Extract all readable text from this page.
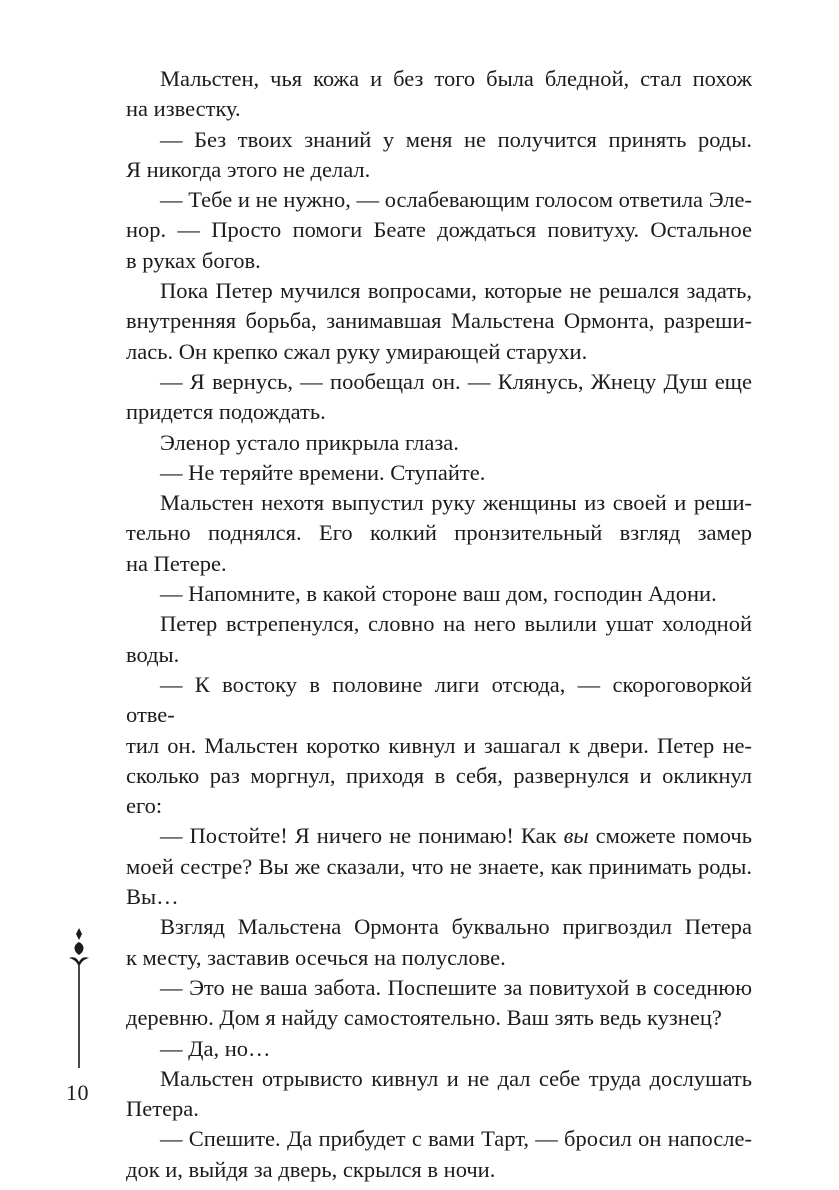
Мальстен, чья кожа и без того была бледной, стал похож
на известку.

— Без твоих знаний у меня не получится принять роды.
Я никогда этого не делал.

— Тебе и не нужно, — ослабевающим голосом ответила Эле-
нор. — Просто помоги Беате дождаться повитуху. Остальное
в руках богов.

Пока Петер мучился вопросами, которые не решался задать,
внутренняя борьба, занимавшая Мальстена Ормонта, разреши-
лась. Он крепко сжал руку умирающей старухи.

— Я вернусь, — пообещал он. — Клянусь, Жнецу Душ еще
придется подождать.

Эленор устало прикрыла глаза.

— Не теряйте времени. Ступайте.

Мальстен нехотя выпустил руку женщины из своей и реши-
тельно поднялся. Его колкий пронзительный взгляд замер
на Петере.

— Напомните, в какой стороне ваш дом, господин Адони.

Петер встрепенулся, словно на него вылили ушат холодной
воды.

— К востоку в половине лиги отсюда, — скороговоркой отве-
тил он. Мальстен коротко кивнул и зашагал к двери. Петер не-
сколько раз моргнул, приходя в себя, развернулся и окликнул его:

— Постойте! Я ничего не понимаю! Как вы сможете помочь
моей сестре? Вы же сказали, что не знаете, как принимать роды.
Вы…

Взгляд Мальстена Ормонта буквально пригвоздил Петера
к месту, заставив осечься на полуслове.

— Это не ваша забота. Поспешите за повитухой в соседнюю
деревню. Дом я найду самостоятельно. Ваш зять ведь кузнец?

— Да, но…

Мальстен отрывисто кивнул и не дал себе труда дослушать
Петера.

— Спешите. Да прибудет с вами Тарт, — бросил он напосле-
док и, выйдя за дверь, скрылся в ночи.

10
